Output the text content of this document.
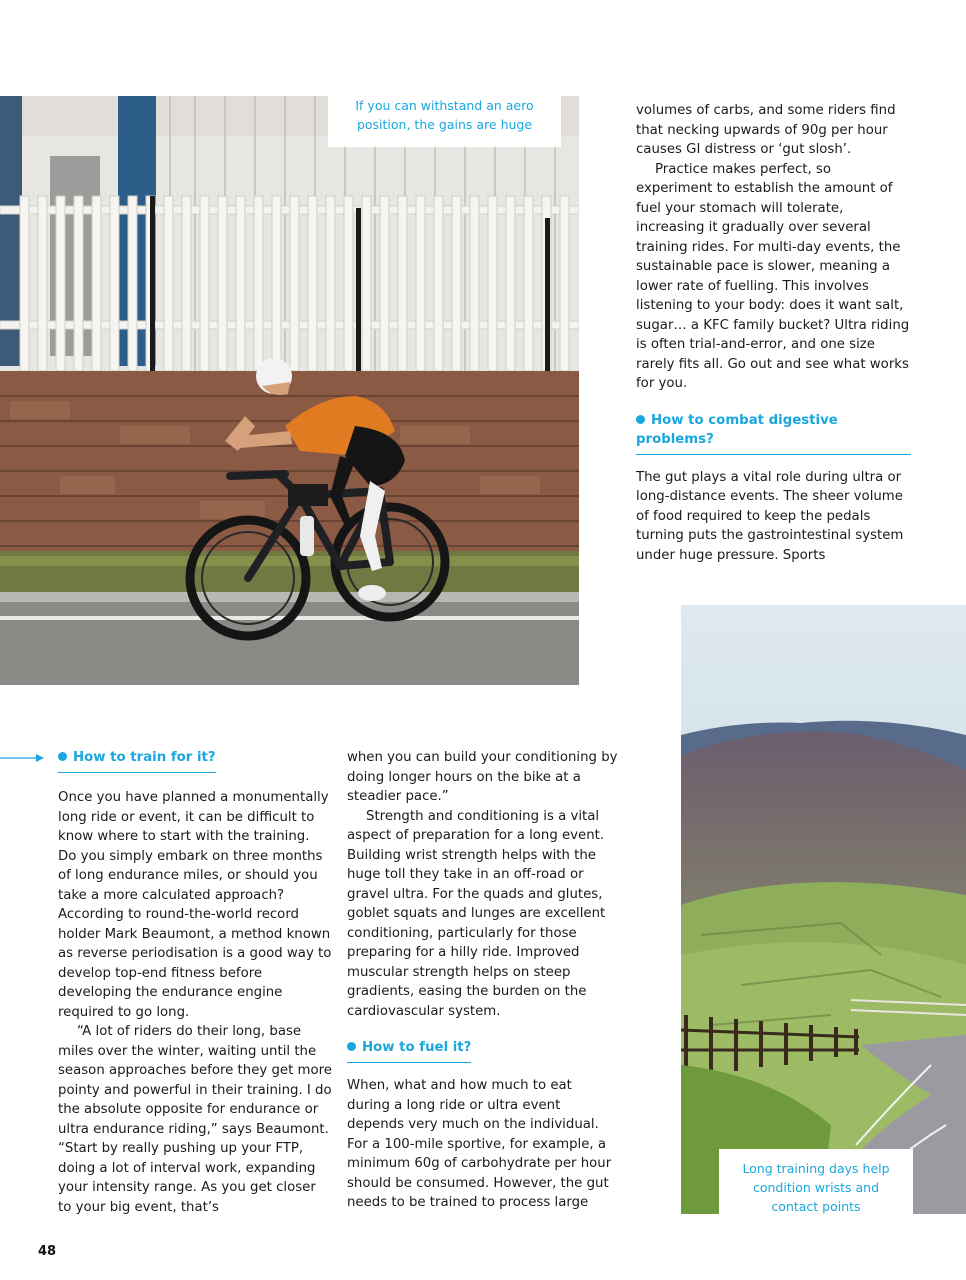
If you can withstand an aero position, the gains are huge
Long training days help condition wrists and contact points

volumes of carbs, and some riders find that necking upwards of 90g per hour causes GI distress or ‘gut slosh’.

Practice makes perfect, so experiment to establish the amount of fuel your stomach will tolerate, increasing it gradually over several training rides. For multi-day events, the sustainable pace is slower, meaning a lower rate of fuelling. This involves listening to your body: does it want salt, sugar… a KFC family bucket? Ultra riding is often trial-and-error, and one size rarely fits all. Go out and see what works for you.

How to combat digestive problems?

The gut plays a vital role during ultra or long-distance events. The sheer volume of food required to keep the pedals turning puts the gastrointestinal system under huge pressure. Sports

How to train for it?

Once you have planned a monumentally long ride or event, it can be difficult to know where to start with the training. Do you simply embark on three months of long endurance miles, or should you take a more calculated approach? According to round-the-world record holder Mark Beaumont, a method known as reverse periodisation is a good way to develop top-end fitness before developing the endurance engine required to go long.

“A lot of riders do their long, base miles over the winter, waiting until the season approaches before they get more pointy and powerful in their training. I do the absolute opposite for endurance or ultra endurance riding,” says Beaumont. “Start by really pushing up your FTP, doing a lot of interval work, expanding your intensity range. As you get closer to your big event, that’s

when you can build your conditioning by doing longer hours on the bike at a steadier pace.”

Strength and conditioning is a vital aspect of preparation for a long event. Building wrist strength helps with the huge toll they take in an off-road or gravel ultra. For the quads and glutes, goblet squats and lunges are excellent conditioning, particularly for those preparing for a hilly ride. Improved muscular strength helps on steep gradients, easing the burden on the cardiovascular system.

How to fuel it?

When, what and how much to eat during a long ride or ultra event depends very much on the individual. For a 100-mile sportive, for example, a minimum 60g of carbohydrate per hour should be consumed. However, the gut needs to be trained to process large

48
